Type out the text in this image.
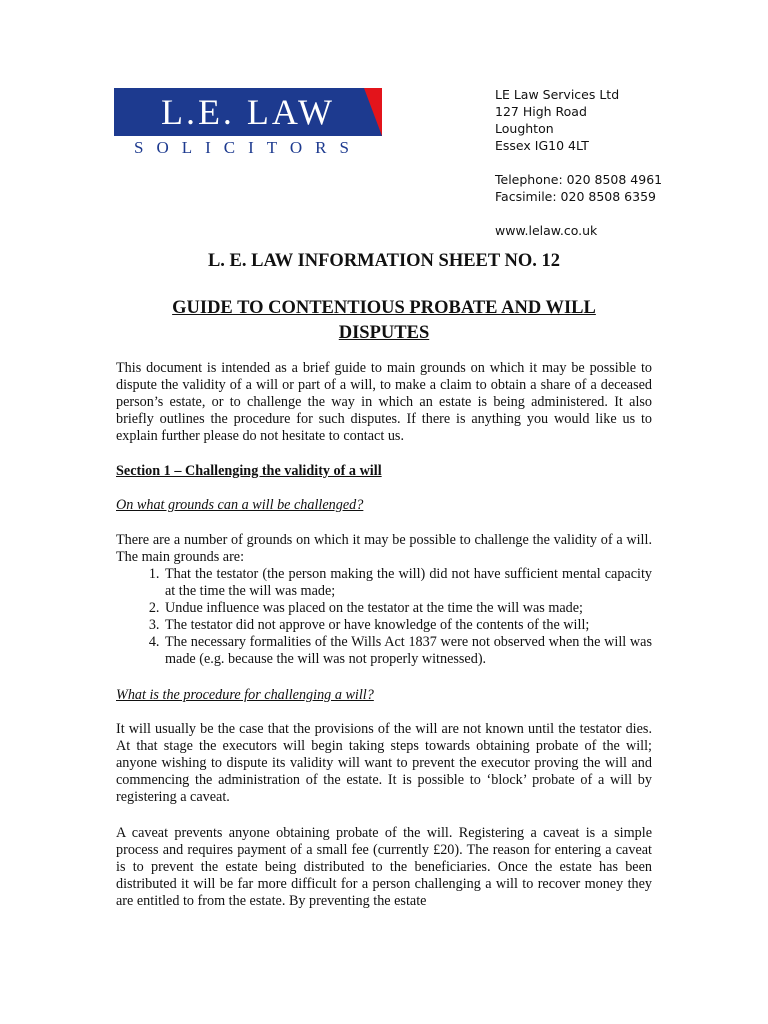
L.E. LAW
SOLICITORS
LE Law Services Ltd
127 High Road
Loughton
Essex IG10 4LT
Telephone: 020 8508 4961
Facsimile: 020 8508 6359
www.lelaw.co.uk
L. E. LAW INFORMATION SHEET NO. 12
GUIDE TO CONTENTIOUS PROBATE AND WILL DISPUTES
This document is intended as a brief guide to main grounds on which it may be possible to dispute the validity of a will or part of a will, to make a claim to obtain a share of a deceased person’s estate, or to challenge the way in which an estate is being administered. It also briefly outlines the procedure for such disputes. If there is anything you would like us to explain further please do not hesitate to contact us.
Section 1 – Challenging the validity of a will
On what grounds can a will be challenged?
There are a number of grounds on which it may be possible to challenge the validity of a will. The main grounds are:
1. That the testator (the person making the will) did not have sufficient mental capacity at the time the will was made;
2. Undue influence was placed on the testator at the time the will was made;
3. The testator did not approve or have knowledge of the contents of the will;
4. The necessary formalities of the Wills Act 1837 were not observed when the will was made (e.g. because the will was not properly witnessed).
What is the procedure for challenging a will?
It will usually be the case that the provisions of the will are not known until the testator dies. At that stage the executors will begin taking steps towards obtaining probate of the will; anyone wishing to dispute its validity will want to prevent the executor proving the will and commencing the administration of the estate. It is possible to ‘block’ probate of a will by registering a caveat.
A caveat prevents anyone obtaining probate of the will. Registering a caveat is a simple process and requires payment of a small fee (currently £20). The reason for entering a caveat is to prevent the estate being distributed to the beneficiaries. Once the estate has been distributed it will be far more difficult for a person challenging a will to recover money they are entitled to from the estate. By preventing the estate
